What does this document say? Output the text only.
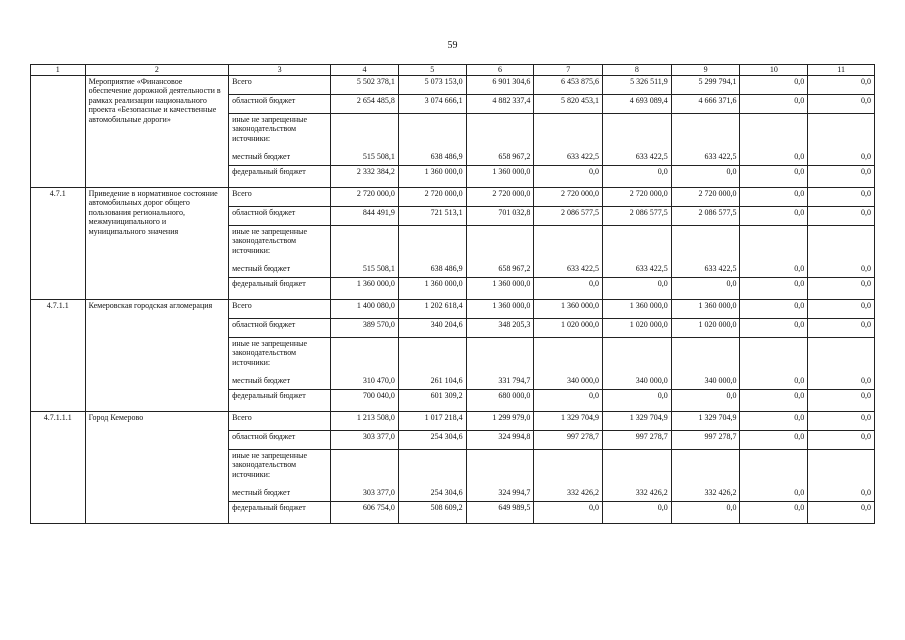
59
1	2	3	4	5	6	7	8	9	10	11
	Мероприятие «Финансовое обеспечение дорожной деятельности в рамках реализации национального проекта «Безопасные и качественные автомобильные дороги»	Всего	5 502 378,1	5 073 153,0	6 901 304,6	6 453 875,6	5 326 511,9	5 299 794,1	0,0	0,0
		областной бюджет	2 654 485,8	3 074 666,1	4 882 337,4	5 820 453,1	4 693 089,4	4 666 371,6	0,0	0,0
		иные не запрещенные законодательством источники:								
		местный бюджет	515 508,1	638 486,9	658 967,2	633 422,5	633 422,5	633 422,5	0,0	0,0
		федеральный бюджет	2 332 384,2	1 360 000,0	1 360 000,0	0,0	0,0	0,0	0,0	0,0
4.7.1	Приведение в нормативное состояние автомобильных дорог общего пользования регионального, межмуниципального и муниципального значения	Всего	2 720 000,0	2 720 000,0	2 720 000,0	2 720 000,0	2 720 000,0	2 720 000,0	0,0	0,0
		областной бюджет	844 491,9	721 513,1	701 032,8	2 086 577,5	2 086 577,5	2 086 577,5	0,0	0,0
		иные не запрещенные законодательством источники:								
		местный бюджет	515 508,1	638 486,9	658 967,2	633 422,5	633 422,5	633 422,5	0,0	0,0
		федеральный бюджет	1 360 000,0	1 360 000,0	1 360 000,0	0,0	0,0	0,0	0,0	0,0
4.7.1.1	Кемеровская городская агломерация	Всего	1 400 080,0	1 202 618,4	1 360 000,0	1 360 000,0	1 360 000,0	1 360 000,0	0,0	0,0
		областной бюджет	389 570,0	340 204,6	348 205,3	1 020 000,0	1 020 000,0	1 020 000,0	0,0	0,0
		иные не запрещенные законодательством источники:								
		местный бюджет	310 470,0	261 104,6	331 794,7	340 000,0	340 000,0	340 000,0	0,0	0,0
		федеральный бюджет	700 040,0	601 309,2	680 000,0	0,0	0,0	0,0	0,0	0,0
4.7.1.1.1	Город Кемерово	Всего	1 213 508,0	1 017 218,4	1 299 979,0	1 329 704,9	1 329 704,9	1 329 704,9	0,0	0,0
		областной бюджет	303 377,0	254 304,6	324 994,8	997 278,7	997 278,7	997 278,7	0,0	0,0
		иные не запрещенные законодательством источники:								
		местный бюджет	303 377,0	254 304,6	324 994,7	332 426,2	332 426,2	332 426,2	0,0	0,0
		федеральный бюджет	606 754,0	508 609,2	649 989,5	0,0	0,0	0,0	0,0	0,0
